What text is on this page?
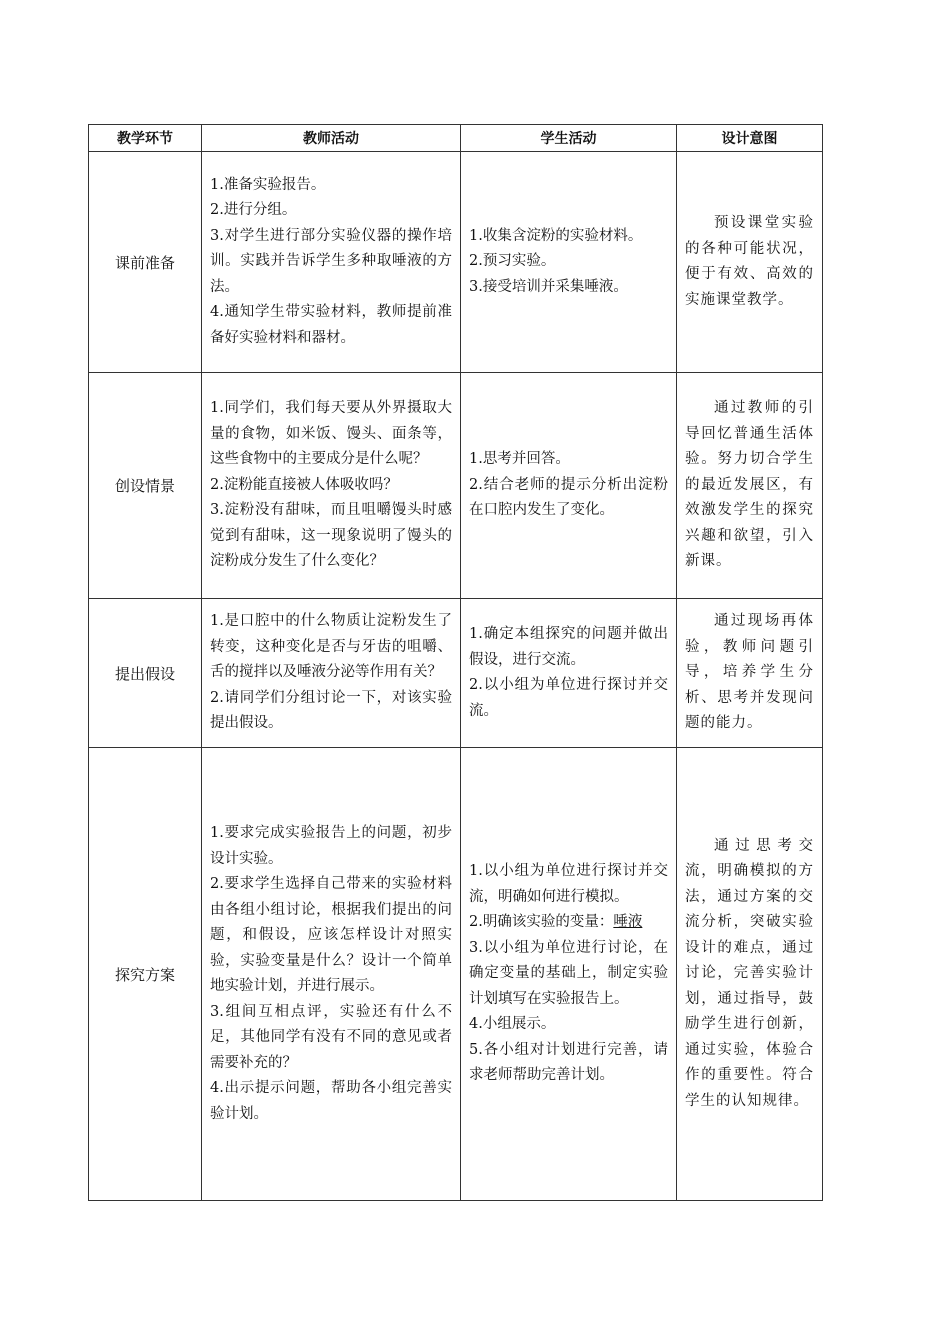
教学环节	教师活动	学生活动	设计意图
课前准备	1.准备实验报告。
2.进行分组。
3.对学生进行部分实验仪器的操作培训。实践并告诉学生多种取唾液的方法。
4.通知学生带实验材料，教师提前准备好实验材料和器材。	1.收集含淀粉的实验材料。
2.预习实验。
3.接受培训并采集唾液。	预设课堂实验的各种可能状况，便于有效、高效的实施课堂教学。

创设情景	1.同学们，我们每天要从外界摄取大量的食物，如米饭、馒头、面条等，这些食物中的主要成分是什么呢？
2.淀粉能直接被人体吸收吗？
3.淀粉没有甜味，而且咀嚼馒头时感觉到有甜味，这一现象说明了馒头的淀粉成分发生了什么变化？	1.思考并回答。
2.结合老师的提示分析出淀粉在口腔内发生了变化。	通过教师的引导回忆普通生活体验。努力切合学生的最近发展区，有效激发学生的探究兴趣和欲望，引入新课。

提出假设	1.是口腔中的什么物质让淀粉发生了转变，这种变化是否与牙齿的咀嚼、舌的搅拌以及唾液分泌等作用有关？
2.请同学们分组讨论一下，对该实验提出假设。	1.确定本组探究的问题并做出假设，进行交流。
2.以小组为单位进行探讨并交流。	通过现场再体验，教师问题引导，培养学生分析、思考并发现问题的能力。

探究方案	1.要求完成实验报告上的问题，初步设计实验。
2.要求学生选择自己带来的实验材料由各组小组讨论，根据我们提出的问题，和假设，应该怎样设计对照实验，实验变量是什么？设计一个简单地实验计划，并进行展示。
3.组间互相点评，实验还有什么不足，其他同学有没有不同的意见或者需要补充的？
4.出示提示问题，帮助各小组完善实验计划。	1.以小组为单位进行探讨并交流，明确如何进行模拟。
2.明确该实验的变量：唾液
3.以小组为单位进行讨论，在确定变量的基础上，制定实验计划填写在实验报告上。
4.小组展示。
5.各小组对计划进行完善，请求老师帮助完善计划。	通过思考交流，明确模拟的方法，通过方案的交流分析，突破实验设计的难点，通过讨论，完善实验计划，通过指导，鼓励学生进行创新，通过实验，体验合作的重要性。符合学生的认知规律。
